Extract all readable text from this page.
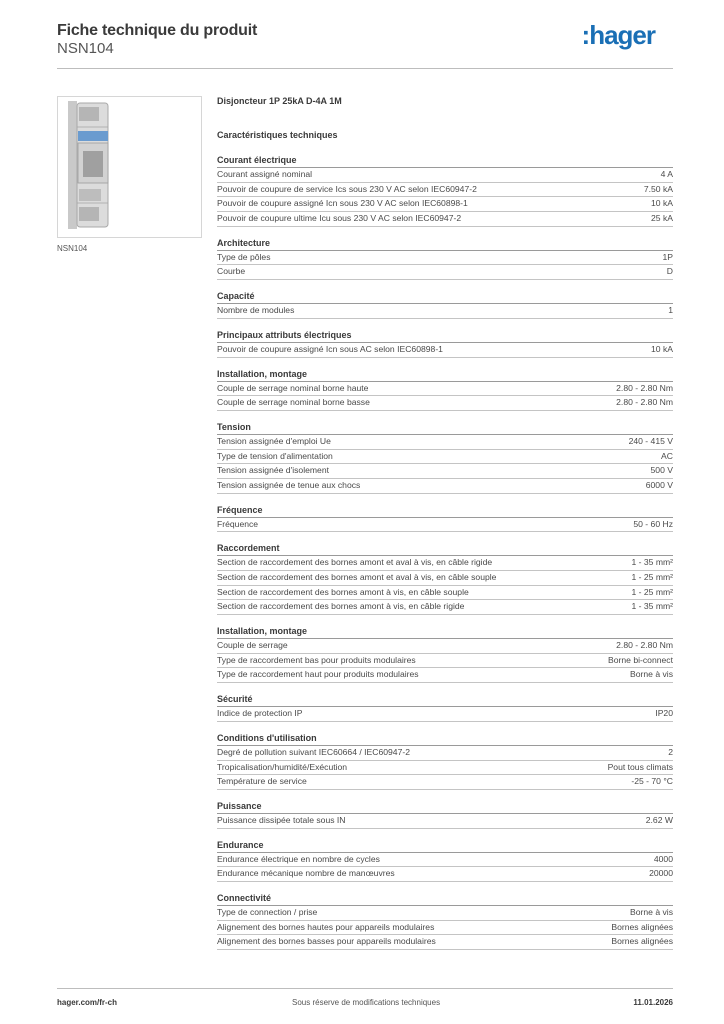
Fiche technique du produit
NSN104	:hager
NSN104
Disjoncteur 1P 25kA D-4A 1M
Caractéristiques techniques
Courant électrique
Courant assigné nominal	4 A
Pouvoir de coupure de service Ics sous 230 V AC selon IEC60947-2	7.50 kA
Pouvoir de coupure assigné Icn sous 230 V AC selon IEC60898-1	10 kA
Pouvoir de coupure ultime Icu sous 230 V AC selon IEC60947-2	25 kA
Architecture
Type de pôles	1P
Courbe	D
Capacité
Nombre de modules	1
Principaux attributs électriques
Pouvoir de coupure assigné Icn sous AC selon IEC60898-1	10 kA
Installation, montage
Couple de serrage nominal borne haute	2.80 - 2.80 Nm
Couple de serrage nominal borne basse	2.80 - 2.80 Nm
Tension
Tension assignée d'emploi Ue	240 - 415 V
Type de tension d'alimentation	AC
Tension assignée d'isolement	500 V
Tension assignée de tenue aux chocs	6000 V
Fréquence
Fréquence	50 - 60 Hz
Raccordement
Section de raccordement des bornes amont et aval à vis, en câble rigide	1 - 35 mm²
Section de raccordement des bornes amont et aval à vis, en câble souple	1 - 25 mm²
Section de raccordement des bornes amont à vis, en câble souple	1 - 25 mm²
Section de raccordement des bornes amont à vis, en câble rigide	1 - 35 mm²
Installation, montage
Couple de serrage	2.80 - 2.80 Nm
Type de raccordement bas pour produits modulaires	Borne bi-connect
Type de raccordement haut pour produits modulaires	Borne à vis
Sécurité
Indice de protection IP	IP20
Conditions d'utilisation
Degré de pollution suivant IEC60664 / IEC60947-2	2
Tropicalisation/humidité/Exécution	Pout tous climats
Température de service	-25 - 70 °C
Puissance
Puissance dissipée totale sous IN	2.62 W
Endurance
Endurance électrique en nombre de cycles	4000
Endurance mécanique nombre de manœuvres	20000
Connectivité
Type de connection / prise	Borne à vis
Alignement des bornes hautes pour appareils modulaires	Bornes alignées
Alignement des bornes basses pour appareils modulaires	Bornes alignées
hager.com/fr-ch	Sous réserve de modifications techniques	11.01.2026
